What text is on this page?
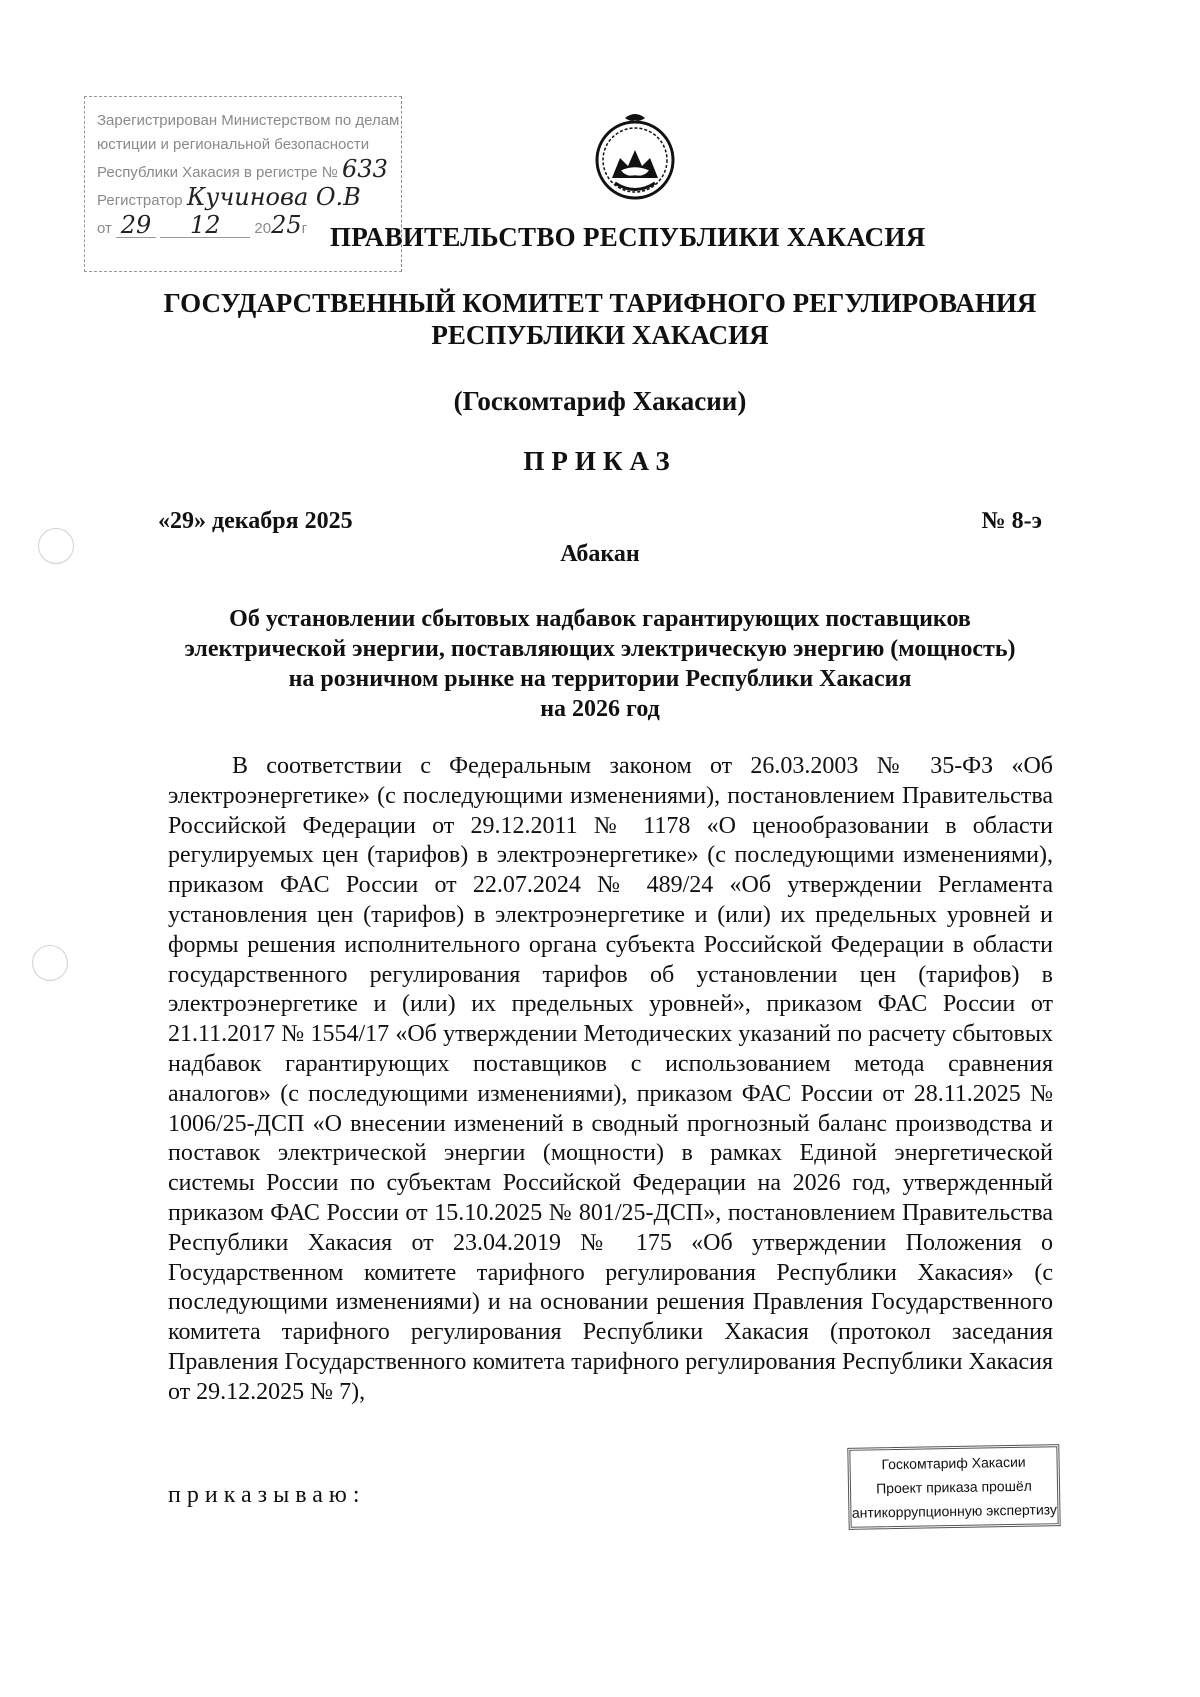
Зарегистрирован Министерством по делам
юстиции и региональной безопасности
Республики Хакасия в регистре № 633
Регистратор Кучинова О.В
от 29 12 2025г ПРАВИТЕЛЬСТВО РЕСПУБЛИКИ ХАКАСИЯ
ГОСУДАРСТВЕННЫЙ КОМИТЕТ ТАРИФНОГО РЕГУЛИРОВАНИЯ
РЕСПУБЛИКИ ХАКАСИЯ
(Госкомтариф Хакасии)
ПРИКАЗ
«29» декабря 2025	№ 8-э
Абакан
Об установлении сбытовых надбавок гарантирующих поставщиков
электрической энергии, поставляющих электрическую энергию (мощность)
на розничном рынке на территории Республики Хакасия
на 2026 год
В соответствии с Федеральным законом от 26.03.2003 № 35-ФЗ «Об электроэнергетике» (с последующими изменениями), постановлением Правительства Российской Федерации от 29.12.2011 № 1178 «О ценообразовании в области регулируемых цен (тарифов) в электроэнергетике» (с последующими изменениями), приказом ФАС России от 22.07.2024 № 489/24 «Об утверждении Регламента установления цен (тарифов) в электроэнергетике и (или) их предельных уровней и формы решения исполнительного органа субъекта Российской Федерации в области государственного регулирования тарифов об установлении цен (тарифов) в электроэнергетике и (или) их предельных уровней», приказом ФАС России от 21.11.2017 № 1554/17 «Об утверждении Методических указаний по расчету сбытовых надбавок гарантирующих поставщиков с использованием метода сравнения аналогов» (с последующими изменениями), приказом ФАС России от 28.11.2025 № 1006/25-ДСП «О внесении изменений в сводный прогнозный баланс производства и поставок электрической энергии (мощности) в рамках Единой энергетической системы России по субъектам Российской Федерации на 2026 год, утвержденный приказом ФАС России от 15.10.2025 № 801/25-ДСП», постановлением Правительства Республики Хакасия от 23.04.2019 № 175 «Об утверждении Положения о Государственном комитете тарифного регулирования Республики Хакасия» (с последующими изменениями) и на основании решения Правления Государственного комитета тарифного регулирования Республики Хакасия (протокол заседания Правления Государственного комитета тарифного регулирования Республики Хакасия от 29.12.2025 № 7),
приказываю:
Госкомтариф Хакасии
Проект приказа прошёл
антикоррупционную экспертизу
